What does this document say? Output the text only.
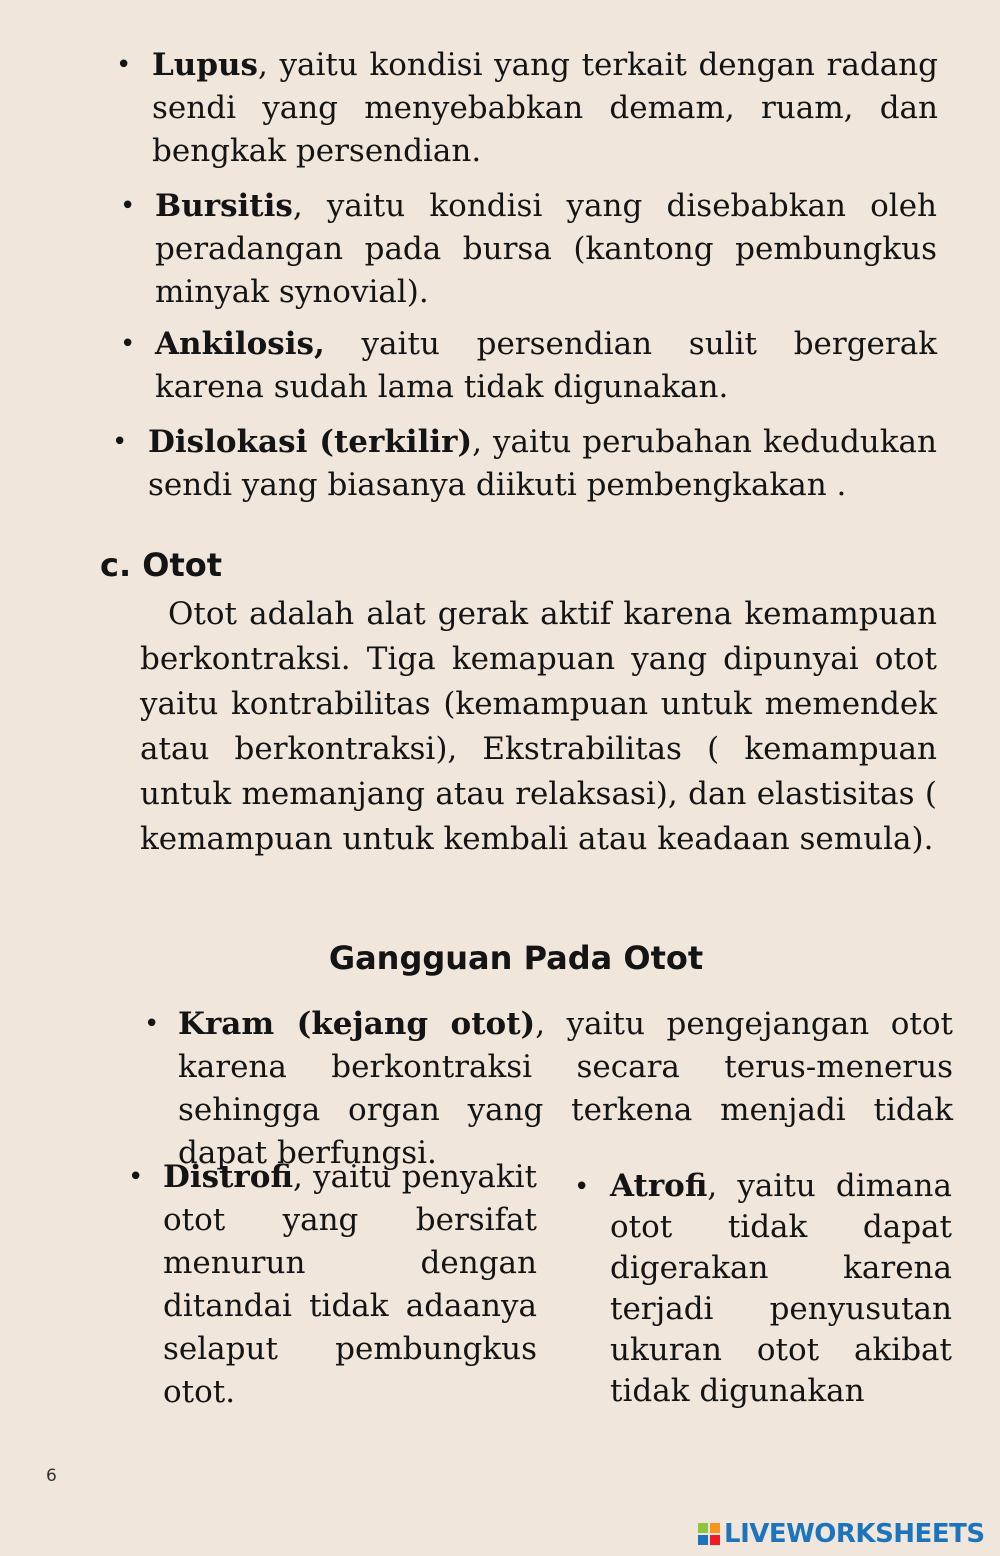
• Lupus, yaitu kondisi yang terkait dengan radang sendi yang menyebabkan demam, ruam, dan bengkak persendian.
• Bursitis, yaitu kondisi yang disebabkan oleh peradangan pada bursa (kantong pembungkus minyak synovial).
• Ankilosis, yaitu persendian sulit bergerak karena sudah lama tidak digunakan.
• Dislokasi (terkilir), yaitu perubahan kedudukan sendi yang biasanya diikuti pembengkakan .
c. Otot
Otot adalah alat gerak aktif karena kemampuan berkontraksi. Tiga kemapuan yang dipunyai otot yaitu kontrabilitas (kemampuan untuk memendek atau berkontraksi), Ekstrabilitas ( kemampuan untuk memanjang atau relaksasi), dan elastisitas ( kemampuan untuk kembali atau keadaan semula).
Gangguan Pada Otot
• Kram (kejang otot), yaitu pengejangan otot karena berkontraksi secara terus-menerus sehingga organ yang terkena menjadi tidak dapat berfungsi.
• Distrofi, yaitu penyakit otot yang bersifat menurun dengan ditandai tidak adaanya selaput pembungkus otot.
• Atrofi, yaitu dimana otot tidak dapat digerakan karena terjadi penyusutan ukuran otot akibat tidak digunakan
6
LIVEWORKSHEETS
